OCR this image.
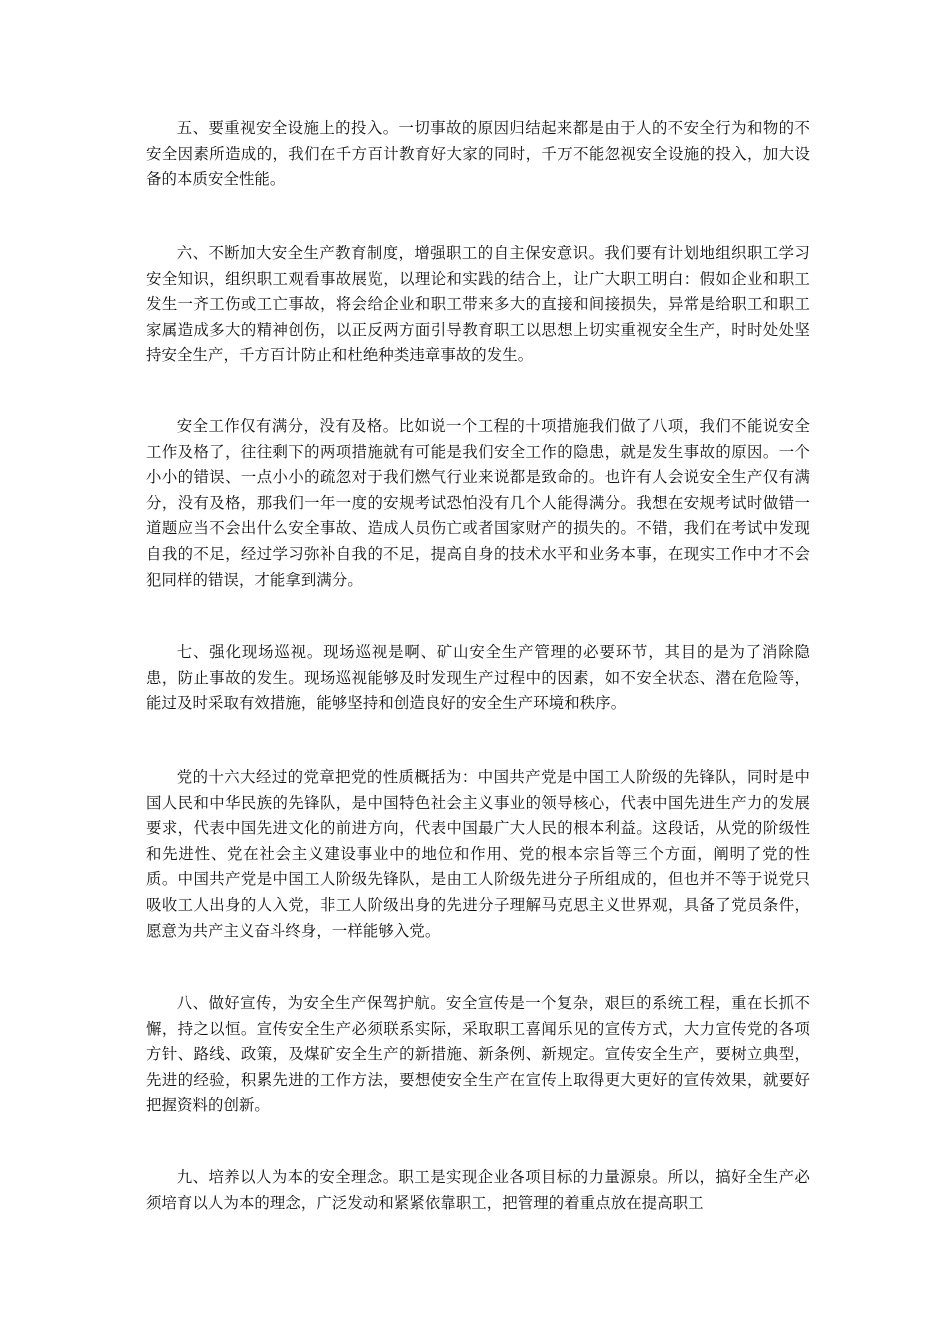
五、要重视安全设施上的投入。一切事故的原因归结起来都是由于人的不安全行为和物的不安全因素所造成的，我们在千方百计教育好大家的同时，千万不能忽视安全设施的投入，加大设备的本质安全性能。

六、不断加大安全生产教育制度，增强职工的自主保安意识。我们要有计划地组织职工学习安全知识，组织职工观看事故展览，以理论和实践的结合上，让广大职工明白：假如企业和职工发生一齐工伤或工亡事故，将会给企业和职工带来多大的直接和间接损失，异常是给职工和职工家属造成多大的精神创伤，以正反两方面引导教育职工以思想上切实重视安全生产，时时处处坚持安全生产，千方百计防止和杜绝种类违章事故的发生。

安全工作仅有满分，没有及格。比如说一个工程的十项措施我们做了八项，我们不能说安全工作及格了，往往剩下的两项措施就有可能是我们安全工作的隐患，就是发生事故的原因。一个小小的错误、一点小小的疏忽对于我们燃气行业来说都是致命的。也许有人会说安全生产仅有满分，没有及格，那我们一年一度的安规考试恐怕没有几个人能得满分。我想在安规考试时做错一道题应当不会出什么安全事故、造成人员伤亡或者国家财产的损失的。不错，我们在考试中发现自我的不足，经过学习弥补自我的不足，提高自身的技术水平和业务本事，在现实工作中才不会犯同样的错误，才能拿到满分。

七、强化现场巡视。现场巡视是啊、矿山安全生产管理的必要环节，其目的是为了消除隐患，防止事故的发生。现场巡视能够及时发现生产过程中的因素，如不安全状态、潜在危险等，能过及时采取有效措施，能够坚持和创造良好的安全生产环境和秩序。

党的十六大经过的党章把党的性质概括为：中国共产党是中国工人阶级的先锋队，同时是中国人民和中华民族的先锋队，是中国特色社会主义事业的领导核心，代表中国先进生产力的发展要求，代表中国先进文化的前进方向，代表中国最广大人民的根本利益。这段话，从党的阶级性和先进性、党在社会主义建设事业中的地位和作用、党的根本宗旨等三个方面，阐明了党的性质。中国共产党是中国工人阶级先锋队，是由工人阶级先进分子所组成的，但也并不等于说党只吸收工人出身的人入党，非工人阶级出身的先进分子理解马克思主义世界观，具备了党员条件，愿意为共产主义奋斗终身，一样能够入党。

八、做好宣传，为安全生产保驾护航。安全宣传是一个复杂，艰巨的系统工程，重在长抓不懈，持之以恒。宣传安全生产必须联系实际，采取职工喜闻乐见的宣传方式，大力宣传党的各项方针、路线、政策，及煤矿安全生产的新措施、新条例、新规定。宣传安全生产，要树立典型，先进的经验，积累先进的工作方法，要想使安全生产在宣传上取得更大更好的宣传效果，就要好把握资料的创新。

九、培养以人为本的安全理念。职工是实现企业各项目标的力量源泉。所以，搞好全生产必须培育以人为本的理念，广泛发动和紧紧依靠职工，把管理的着重点放在提高职工
